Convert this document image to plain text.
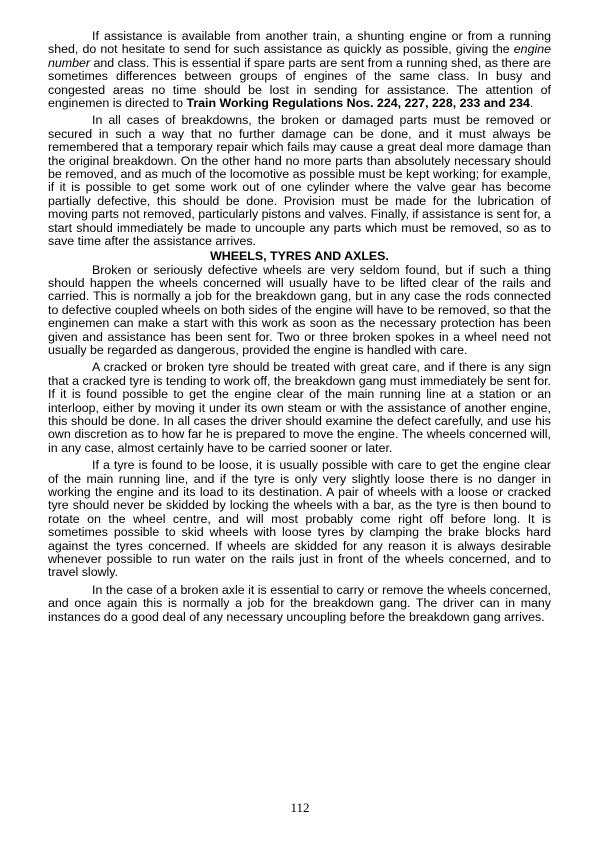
If assistance is available from another train, a shunting engine or from a running shed, do not hesitate to send for such assistance as quickly as possible, giving the engine number and class. This is essential if spare parts are sent from a running shed, as there are sometimes differences between groups of engines of the same class. In busy and congested areas no time should be lost in sending for assistance. The attention of enginemen is directed to Train Working Regulations Nos. 224, 227, 228, 233 and 234.

In all cases of breakdowns, the broken or damaged parts must be removed or secured in such a way that no further damage can be done, and it must always be remembered that a temporary repair which fails may cause a great deal more damage than the original breakdown. On the other hand no more parts than absolutely necessary should be removed, and as much of the locomotive as possible must be kept working; for example, if it is possible to get some work out of one cylinder where the valve gear has become partially defective, this should be done. Provision must be made for the lubrication of moving parts not removed, particularly pistons and valves. Finally, if assistance is sent for, a start should immediately be made to uncouple any parts which must be removed, so as to save time after the assistance arrives.

WHEELS, TYRES AND AXLES.

Broken or seriously defective wheels are very seldom found, but if such a thing should happen the wheels concerned will usually have to be lifted clear of the rails and carried. This is normally a job for the breakdown gang, but in any case the rods connected to defective coupled wheels on both sides of the engine will have to be removed, so that the enginemen can make a start with this work as soon as the necessary protection has been given and assistance has been sent for. Two or three broken spokes in a wheel need not usually be regarded as dangerous, provided the engine is handled with care.

A cracked or broken tyre should be treated with great care, and if there is any sign that a cracked tyre is tending to work off, the breakdown gang must immediately be sent for. If it is found possible to get the engine clear of the main running line at a station or an interloop, either by moving it under its own steam or with the assistance of another engine, this should be done. In all cases the driver should examine the defect carefully, and use his own discretion as to how far he is prepared to move the engine. The wheels concerned will, in any case, almost certainly have to be carried sooner or later.

If a tyre is found to be loose, it is usually possible with care to get the engine clear of the main running line, and if the tyre is only very slightly loose there is no danger in working the engine and its load to its destination. A pair of wheels with a loose or cracked tyre should never be skidded by locking the wheels with a bar, as the tyre is then bound to rotate on the wheel centre, and will most probably come right off before long. It is sometimes possible to skid wheels with loose tyres by clamping the brake blocks hard against the tyres concerned. If wheels are skidded for any reason it is always desirable whenever possible to run water on the rails just in front of the wheels concerned, and to travel slowly.

In the case of a broken axle it is essential to carry or remove the wheels concerned, and once again this is normally a job for the breakdown gang. The driver can in many instances do a good deal of any necessary uncoupling before the breakdown gang arrives.

112
